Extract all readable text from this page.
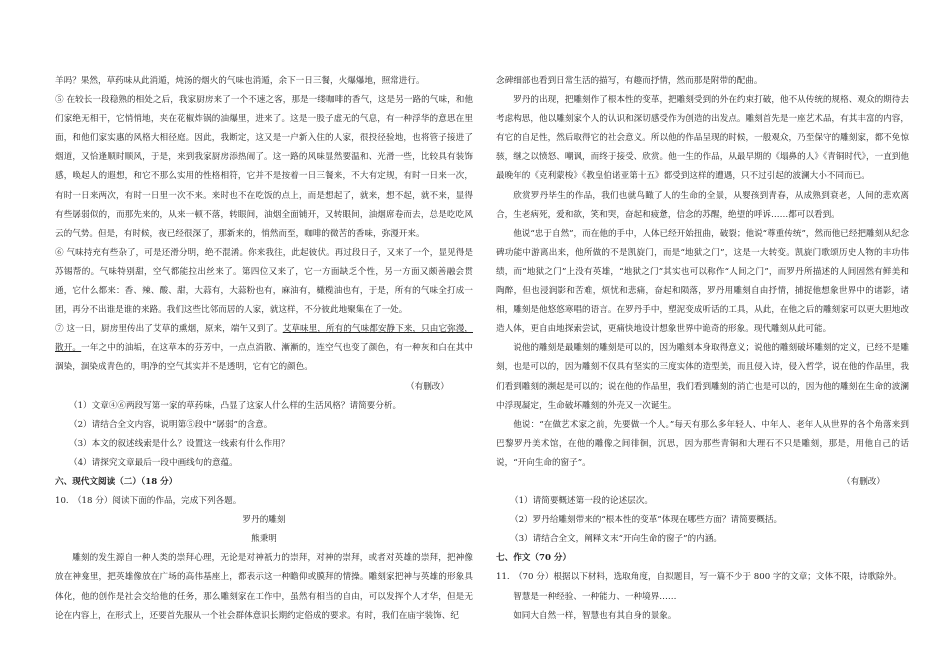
羊吗？果然，草药味从此消遁，炖汤的烟火的气味也消遁，余下一日三餐，火爆爆地，照常进行。

⑤ 在较长一段稳熟的相处之后，我家厨房来了一个不速之客，那是一缕咖啡的香气，这是另一路的气味，和他们家绝无相干，它悄悄地，夹在花椒炸锅的油爆里，进来了。这是一股子虚无的气息，有一种浮华的意思在里面，和他们家实惠的风格大相径庭。因此，我断定，这又是一户新入住的人家，很投径验地，也将管子接进了烟道，又恰逢顺时顺风，于是，来到我家厨房添热闹了。这一路的风味显然要温和、光滑一些，比较具有装饰感，唤起人的遐想，和它不那么实用的性格相符，它并不是按着一日三餐来，不大有定规，有时一日来一次，有时一日来两次，有时一日里一次不来。来时也不在吃饭的点上，而是想起了，就来，想不起，就不来，显得有些孱弱似的，而那先来的，从来一顿不落，转眼间，油烟全面铺开，又转眼间，油烟席卷而去，总是吃吃风云的气势。但是，有时候，夜已经很深了，那新来的，悄然而至，咖啡的微苦的香味，弥漫开来。

⑥ 气味持充有些杂了，可是还滑分明，绝不混淆。你来我往，此起彼伏。再过段日子，又来了一个，显见得是苏锡帮的。气味特别甜，空气都能拉出丝来了。第四位又来了，它一方面缺乏个性，另一方面又颇善融会贯通，它什么都来：香、辣、酸、甜，大蒜有，大蒜粉也有，麻油有，橄榄油也有，于是，所有的气味全打成一团，再分不出谁是谁的来路。我们这些比邻而居的人家，就这样，不分彼此地聚集在了一处。

⑦ 这一日，厨房里传出了艾草的熏烟，原来，端午又到了。艾草味里，所有的气味都安静下来，只由它弥漫，散开。一年之中的油垢，在这草本的芬芳中，一点点消散、漸漸的，连空气也变了颜色，有一种灰和白在其中涸染，涸染成青色的，明净的空气其实并不是透明，它有它的颜色。

（有删改）

（1）文章④⑥两段写第一家的草药味，凸显了这家人什么样的生活风格？请简要分析。

（2）请结合全文内容，说明第⑤段中“孱弱”的含意。

（3）本文的叙述线索是什么？设置这一线索有什么作用？

（4）请探究文章最后一段中画线句的意蕴。

六、现代文阅读（二）（18 分）

10.　（18 分）阅读下面的作品，完成下列各题。

罗丹的雕刻

熊秉明

雕刻的发生源自一种人类的崇拜心理，无论是对神祇力的崇拜，对神的崇拜，或者对英雄的崇拜，把神像放在神龛里，把英雄像放在广场的高伟基座上，都表示这一种瞻仰或膜拜的情操。雕刻家把神与英雄的形象具体化，他的创作是社会交给他的任务，那么雕刻家在工作中，虽然有相当的自由，可以发挥个人才华，但是无论在内容上，在形式上，还要首先服从一个社会群体意识长期约定俗成的要求。有时，我们在庙宇装饰、纪

念碑细部也看到日常生活的描写，有趣而抒情，然而那是附带的配曲。

罗丹的出现，把雕刻作了根本性的变革，把雕刻受到的外在约束打破，他不从传统的规格、观众的期待去考虑构思，他以雕刻家个人的认识和深切感受作为创造的出发点。雕刻首先是一座艺术品，有其丰富的内容，有它的自足性，然后取得它的社会意义。所以他的作品呈现的时候，一般观众，乃至保守的雕刻家，都不免惊骇，继之以愤怒、嘲讽，而终于接受、欣赏。他一生的作品，从最早期的《塌鼻的人》《青铜时代》，一直到他最晚年的《克利蒙梭》《教皇伯诺亚第十五》都受到这样的遭遇，只不过引起的波澜大小不同而已。

欣赏罗丹毕生的作品，我们也就鸟瞰了人的生命的全景，从婴孩到青春，从成熟到衰老，人间的悲欢离合，生老病死，爱和欲，笑和哭，奋起和疲惫，信念的苏醒，绝望的呼诉……都可以看到。

他说“忠于自然”，而在他的手中，人体已经开始扭曲，破裂；他说“尊重传统”，然而他已经把雕刻从纪念碑功能中游离出来，他所做的不是凯旋门，而是“地狱之门”，这是一大转变。凯旋门歌颂历史人物的丰功伟绩，而“地狱之门”上没有英雄，“地狱之门”其实也可以称作“人间之门”，而罗丹所描述的人间固然有鲜美和陶醉，但也浸润影和苦难，烦忧和悲痛，奋起和陨落，罗丹用雕刻自由抒情，捕捉他想象世界中的诸影，诸相，雕刻是他悠悠寒唱的语言。在罗丹手中，塑泥变成听话的工具，从此，在他之后的雕刻家可以更大胆地改造人体，更自由地探索尝试，更痛快地设计想象世界中诡奇的形象。现代雕刻从此可能。

说他的雕刻是最雕刻的雕刻是可以的，因为雕刻本身取得意义；说他的雕刻破坏雕刻的定义，已经不是雕刻，也是可以的，因为雕刻不仅具有坚实的三度实体的造型美，而且侵入诗，侵入哲学，说在他的作品里，我们看到雕刻的濒起是可以的；说在他的作品里，我们看到雕刻的消亡也是可以的，因为他的雕刻在生命的波澜中浮现凝定，生命破坏雕刻的外壳又一次诞生。

他说：“在做艺术家之前，先要做一个人。”每天有那么多年轻人、中年人、老年人从世界的各个角落来到巴黎罗丹美术馆，在他的雕像之间徘徊，沉思，因为那些青铜和大理石不只是雕刻，那是，用他自己的话说，“开向生命的窗子”。

（有删改）

（1）请简要概述第一段的论述层次。

（2）罗丹给雕刻带来的“根本性的变革”体现在哪些方面？请简要概括。

（3）请结合全文，阐释文末“开向生命的窗子”的内涵。

七、作文（70 分）

11.　（70 分）根据以下材料，选取角度，自拟题目，写一篇不少于 800 字的文章；文体不限，诗歌除外。

智慧是一种经验、一种能力、一种境界……

如同大自然一样，智慧也有其自身的景象。
